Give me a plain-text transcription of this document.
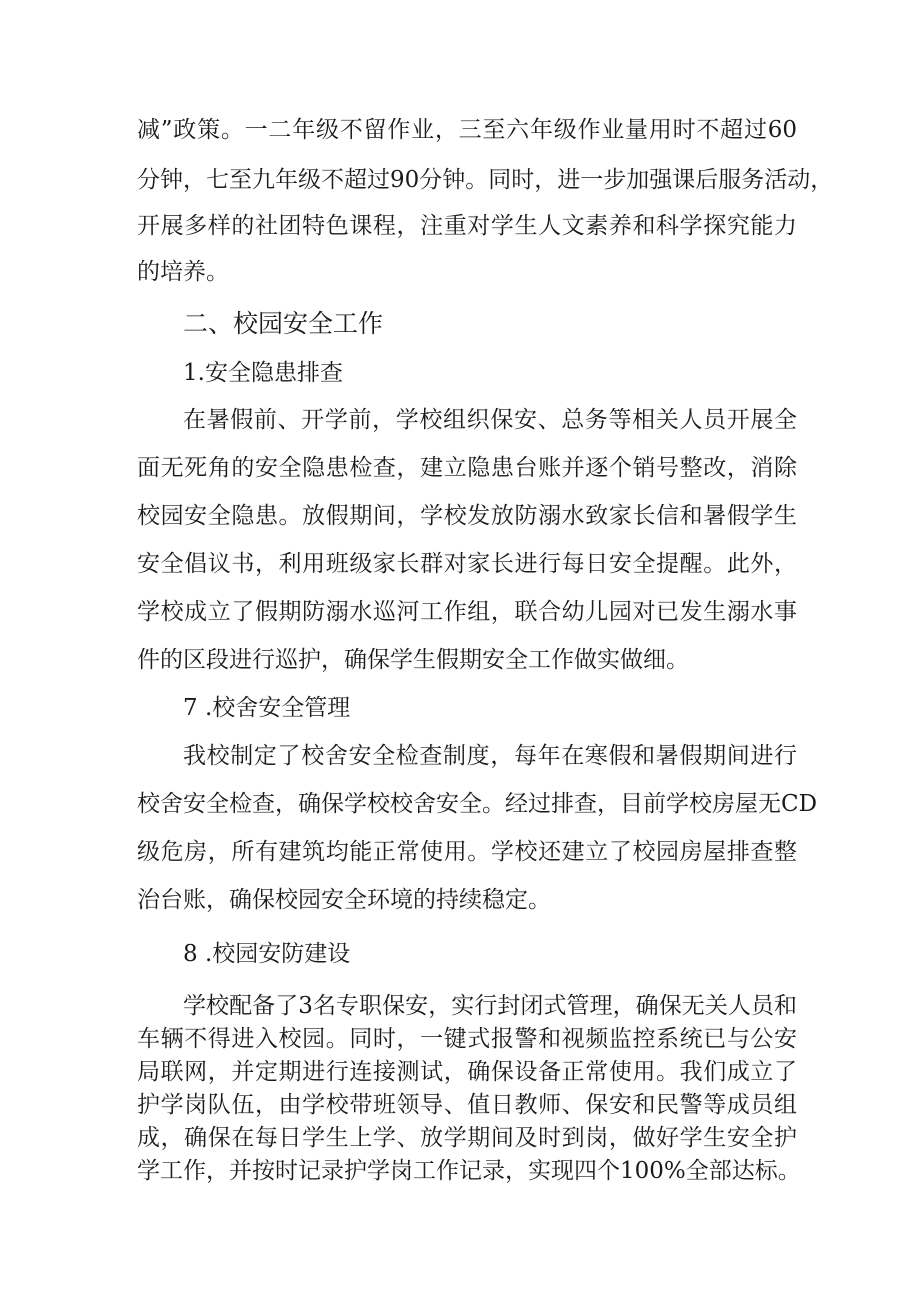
减”政策。一二年级不留作业，三至六年级作业量用时不超过60
分钟，七至九年级不超过90分钟。同时，进一步加强课后服务活动，
开展多样的社团特色课程，注重对学生人文素养和科学探究能力
的培养。
二、校园安全工作
1.安全隐患排查
在暑假前、开学前，学校组织保安、总务等相关人员开展全
面无死角的安全隐患检查，建立隐患台账并逐个销号整改，消除
校园安全隐患。放假期间，学校发放防溺水致家长信和暑假学生
安全倡议书，利用班级家长群对家长进行每日安全提醒。此外，
学校成立了假期防溺水巡河工作组，联合幼儿园对已发生溺水事
件的区段进行巡护，确保学生假期安全工作做实做细。
7 .校舍安全管理
我校制定了校舍安全检查制度，每年在寒假和暑假期间进行
校舍安全检查，确保学校校舍安全。经过排查，目前学校房屋无CD
级危房，所有建筑均能正常使用。学校还建立了校园房屋排查整
治台账，确保校园安全环境的持续稳定。
8 .校园安防建设
学校配备了3名专职保安，实行封闭式管理，确保无关人员和
车辆不得进入校园。同时，一键式报警和视频监控系统已与公安
局联网，并定期进行连接测试，确保设备正常使用。我们成立了
护学岗队伍，由学校带班领导、值日教师、保安和民警等成员组
成，确保在每日学生上学、放学期间及时到岗，做好学生安全护
学工作，并按时记录护学岗工作记录，实现四个100%全部达标。
